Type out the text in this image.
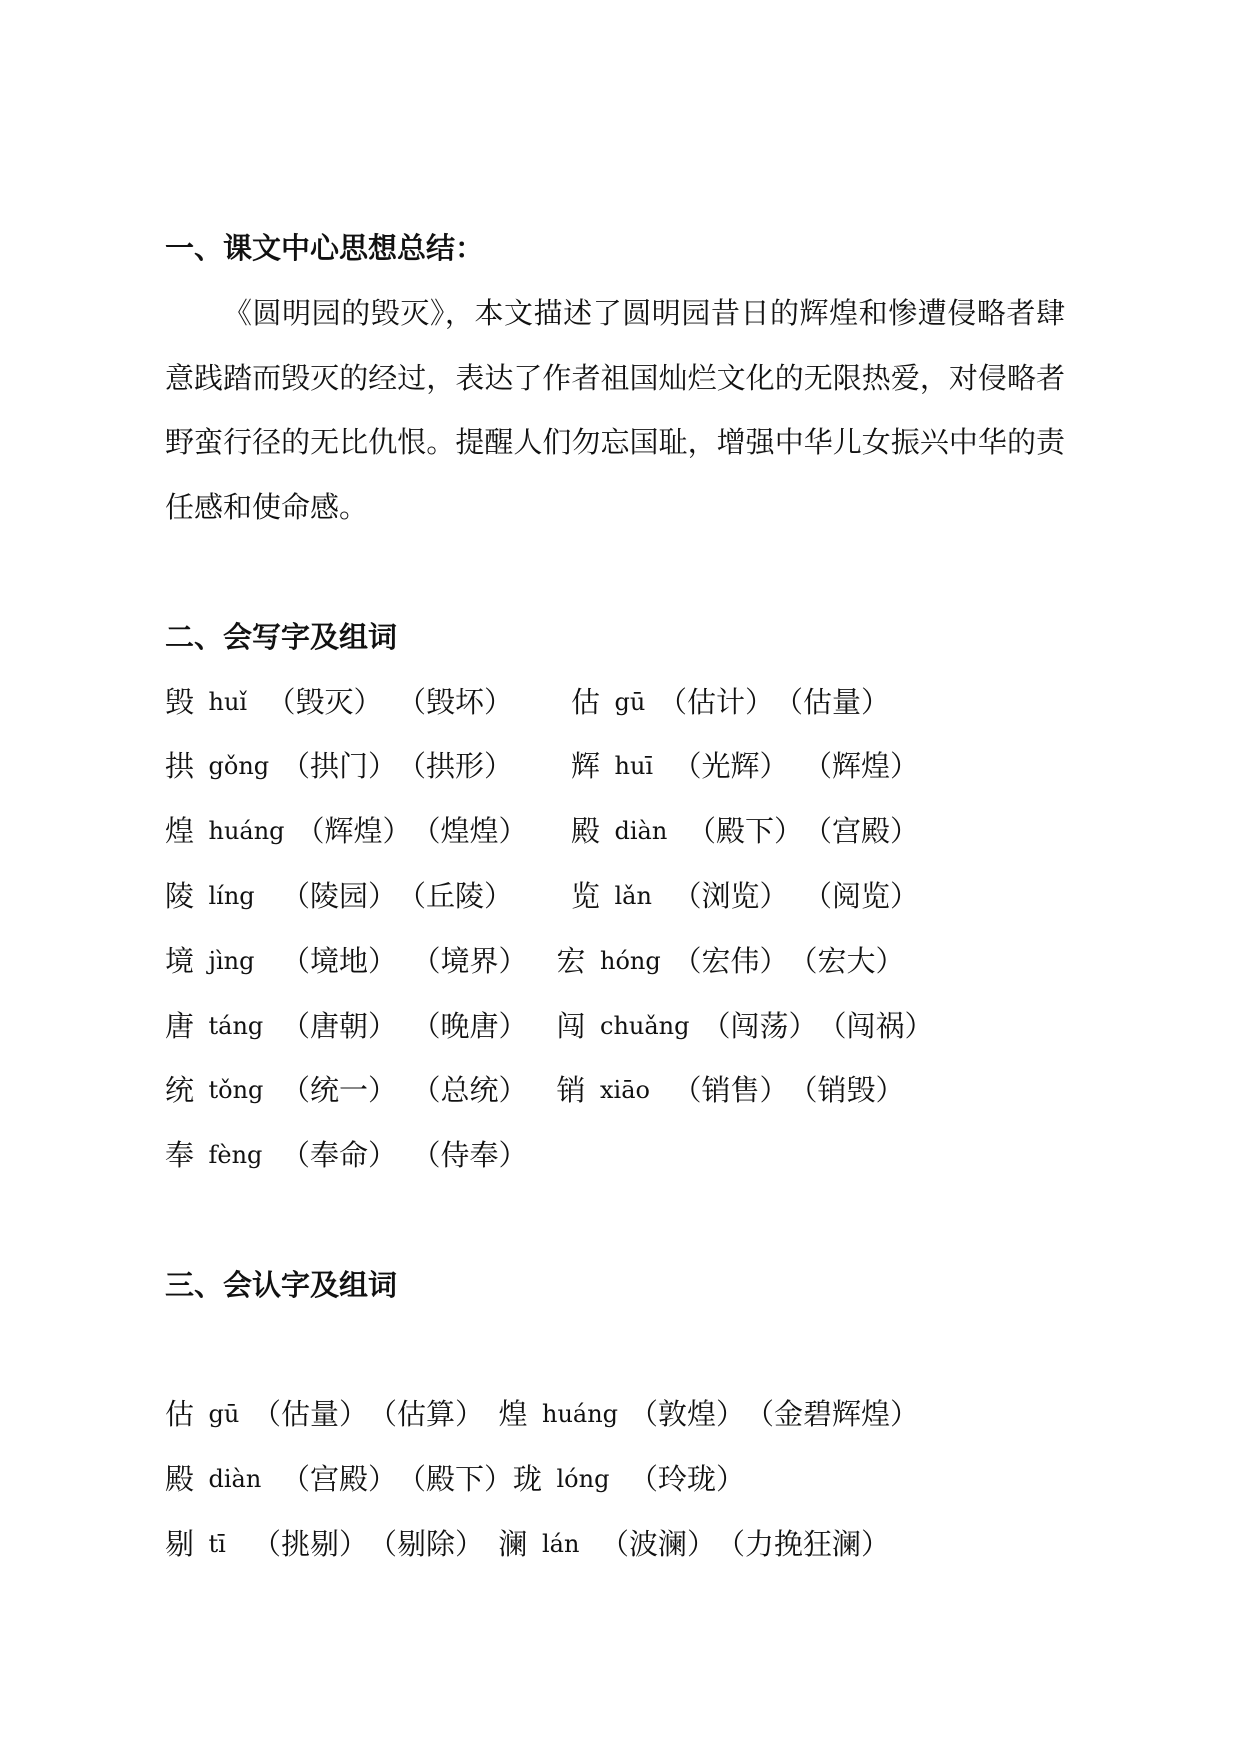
一、课文中心思想总结：

《圆明园的毁灭》，本文描述了圆明园昔日的辉煌和惨遭侵略者肆意践踏而毁灭的经过，表达了作者祖国灿烂文化的无限热爱，对侵略者野蛮行径的无比仇恨。提醒人们勿忘国耻，增强中华儿女振兴中华的责任感和使命感。

二、会写字及组词
毁 huǐ （毁灭） （毁坏） 估 gū （估计） （估量）
拱 gǒng （拱门） （拱形） 辉 huī （光辉） （辉煌）
煌 huáng （辉煌） （煌煌） 殿 diàn （殿下） （宫殿）
陵 líng （陵园） （丘陵） 览 lǎn （浏览） （阅览）
境 jìng （境地） （境界） 宏 hóng （宏伟） （宏大）
唐 táng （唐朝） （晚唐） 闯 chuǎng （闯荡） （闯祸）
统 tǒng （统一） （总统） 销 xiāo （销售） （销毁）
奉 fèng （奉命） （侍奉）
三、会认字及组词
估 gū （估量） （估算） 煌 huáng （敦煌） （金碧辉煌）
殿 diàn （宫殿） （殿下） 珑 lóng （玲珑）
剔 tī （挑剔） （剔除） 澜 lán （波澜） （力挽狂澜）
